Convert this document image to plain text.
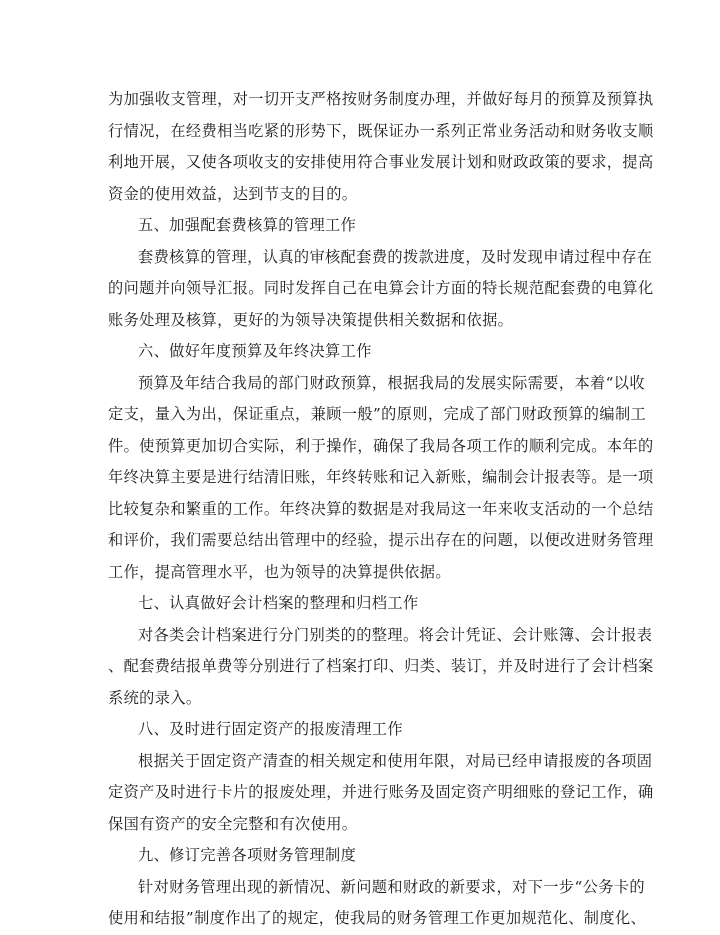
为加强收支管理，对一切开支严格按财务制度办理，并做好每月的预算及预算执
行情况，在经费相当吃紧的形势下，既保证办一系列正常业务活动和财务收支顺
利地开展，又使各项收支的安排使用符合事业发展计划和财政政策的要求，提高
资金的使用效益，达到节支的目的。
五、加强配套费核算的管理工作
套费核算的管理，认真的审核配套费的拨款进度，及时发现申请过程中存在
的问题并向领导汇报。同时发挥自己在电算会计方面的特长规范配套费的电算化
账务处理及核算，更好的为领导决策提供相关数据和依据。
六、做好年度预算及年终决算工作
预算及年结合我局的部门财政预算，根据我局的发展实际需要，本着“以收
定支，量入为出，保证重点，兼顾一般”的原则，完成了部门财政预算的编制工
件。使预算更加切合实际，利于操作，确保了我局各项工作的顺利完成。本年的
年终决算主要是进行结清旧账，年终转账和记入新账，编制会计报表等。是一项
比较复杂和繁重的工作。年终决算的数据是对我局这一年来收支活动的一个总结
和评价，我们需要总结出管理中的经验，提示出存在的问题，以便改进财务管理
工作，提高管理水平，也为领导的决算提供依据。
七、认真做好会计档案的整理和归档工作
对各类会计档案进行分门别类的的整理。将会计凭证、会计账簿、会计报表
、配套费结报单费等分别进行了档案打印、归类、装订，并及时进行了会计档案
系统的录入。
八、及时进行固定资产的报废清理工作
根据关于固定资产清查的相关规定和使用年限，对局已经申请报废的各项固
定资产及时进行卡片的报废处理，并进行账务及固定资产明细账的登记工作，确
保国有资产的安全完整和有次使用。
九、修订完善各项财务管理制度
针对财务管理出现的新情况、新问题和财政的新要求，对下一步“公务卡的
使用和结报”制度作出了的规定，使我局的财务管理工作更加规范化、制度化、
